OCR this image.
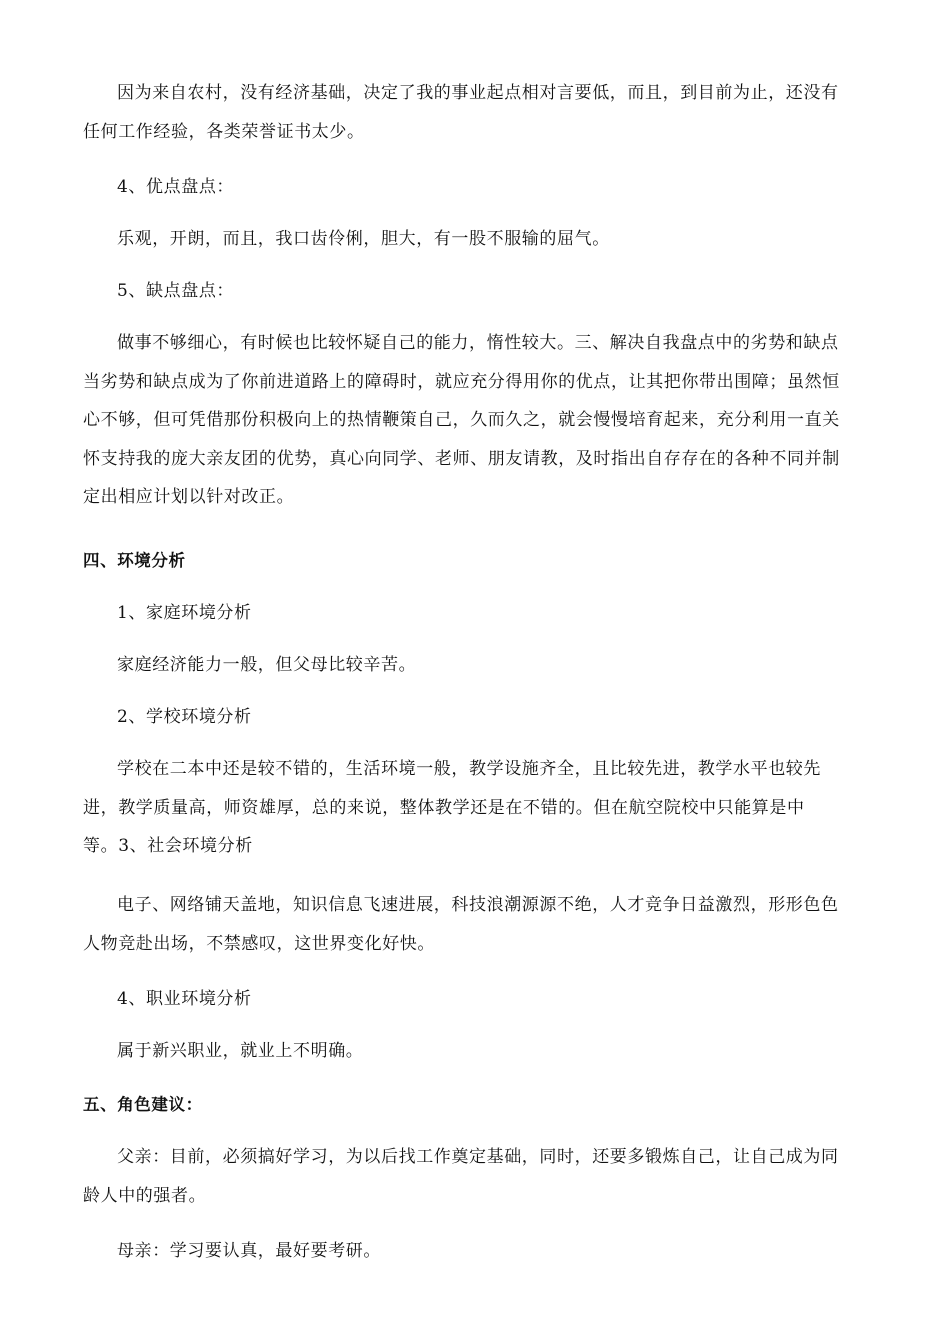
因为来自农村，没有经济基础，决定了我的事业起点相对言要低，而且，到目前为止，还没有
任何工作经验，各类荣誉证书太少。
4、优点盘点：
乐观，开朗，而且，我口齿伶俐，胆大，有一股不服输的屈气。
5、缺点盘点：
做事不够细心，有时候也比较怀疑自己的能力，惰性较大。三、解决自我盘点中的劣势和缺点
当劣势和缺点成为了你前进道路上的障碍时，就应充分得用你的优点，让其把你带出围障；虽然恒
心不够，但可凭借那份积极向上的热情鞭策自己，久而久之，就会慢慢培育起来，充分利用一直关
怀支持我的庞大亲友团的优势，真心向同学、老师、朋友请教，及时指出自存存在的各种不同并制
定出相应计划以针对改正。
四、环境分析
1、家庭环境分析
家庭经济能力一般，但父母比较辛苦。
2、学校环境分析
学校在二本中还是较不错的，生活环境一般，教学设施齐全，且比较先进，教学水平也较先
进，教学质量高，师资雄厚，总的来说，整体教学还是在不错的。但在航空院校中只能算是中
等。3、社会环境分析
电子、网络铺天盖地，知识信息飞速进展，科技浪潮源源不绝，人才竞争日益激烈，形形色色
人物竞赴出场，不禁感叹，这世界变化好快。
4、职业环境分析
属于新兴职业，就业上不明确。
五、角色建议：
父亲：目前，必须搞好学习，为以后找工作奠定基础，同时，还要多锻炼自己，让自己成为同
龄人中的强者。
母亲：学习要认真，最好要考研。
